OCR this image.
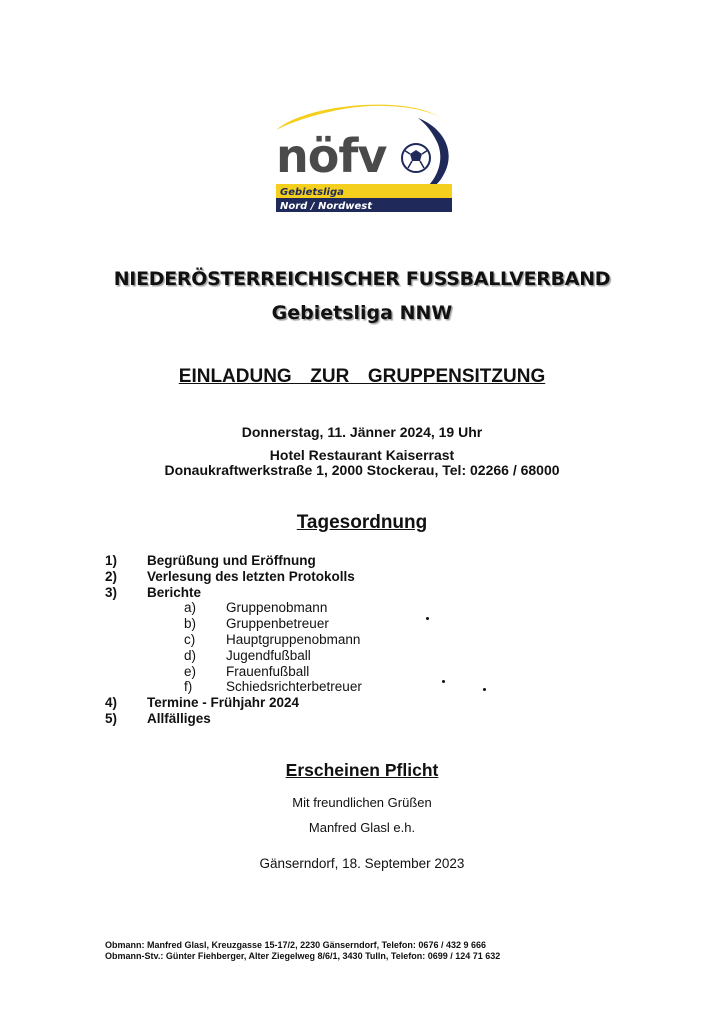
nöfv
Gebietsliga
Nord / Nordwest
NIEDERÖSTERREICHISCHER FUSSBALLVERBAND
Gebietsliga NNW
EINLADUNG  ZUR  GRUPPENSITZUNG
Donnerstag, 11. Jänner 2024, 19 Uhr
Hotel Restaurant Kaiserrast
Donaukraftwerkstraße 1, 2000 Stockerau, Tel: 02266 / 68000
Tagesordnung
1) Begrüßung und Eröffnung
2) Verlesung des letzten Protokolls
3) Berichte
a) Gruppenobmann
b) Gruppenbetreuer
c) Hauptgruppenobmann
d) Jugendfußball
e) Frauenfußball
f)	Schiedsrichterbetreuer
4) Termine - Frühjahr 2024
5) Allfälliges
Erscheinen Pflicht
Mit freundlichen Grüßen
Manfred Glasl e.h.
Gänserndorf, 18. September 2023
Obmann: Manfred Glasl, Kreuzgasse 15-17/2, 2230 Gänserndorf, Telefon: 0676 / 432 9 666
Obmann-Stv.: Günter Fiehberger, Alter Ziegelweg 8/6/1, 3430 Tulln, Telefon: 0699 / 124 71 632
